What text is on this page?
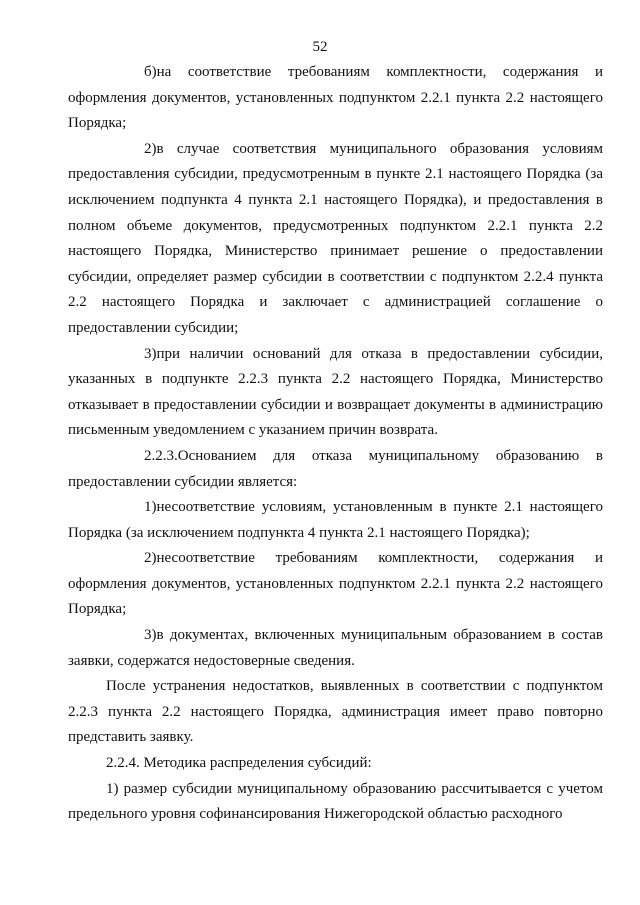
52

б)на соответствие требованиям комплектности, содержания и оформления документов, установленных подпунктом 2.2.1 пункта 2.2 настоящего Порядка;

2)в случае соответствия муниципального образования условиям предоставления субсидии, предусмотренным в пункте 2.1 настоящего Порядка (за исключением подпункта 4 пункта 2.1 настоящего Порядка), и предоставления в полном объеме документов, предусмотренных подпунктом 2.2.1 пункта 2.2 настоящего Порядка, Министерство принимает решение о предоставлении субсидии, определяет размер субсидии в соответствии с подпунктом 2.2.4 пункта 2.2 настоящего Порядка и заключает с администрацией соглашение о предоставлении субсидии;

3)при наличии оснований для отказа в предоставлении субсидии, указанных в подпункте 2.2.3 пункта 2.2 настоящего Порядка, Министерство отказывает в предоставлении субсидии и возвращает документы в администрацию письменным уведомлением с указанием причин возврата.

2.2.3.Основанием для отказа муниципальному образованию в предоставлении субсидии является:

1)несоответствие условиям, установленным в пункте 2.1 настоящего Порядка (за исключением подпункта 4 пункта 2.1 настоящего Порядка);

2)несоответствие требованиям комплектности, содержания и оформления документов, установленных подпунктом 2.2.1 пункта 2.2 настоящего Порядка;

3)в документах, включенных муниципальным образованием в состав заявки, содержатся недостоверные сведения.

После устранения недостатков, выявленных в соответствии с подпунктом 2.2.3 пункта 2.2 настоящего Порядка, администрация имеет право повторно представить заявку.

2.2.4. Методика распределения субсидий:

1) размер субсидии муниципальному образованию рассчитывается с учетом предельного уровня софинансирования Нижегородской областью расходного
